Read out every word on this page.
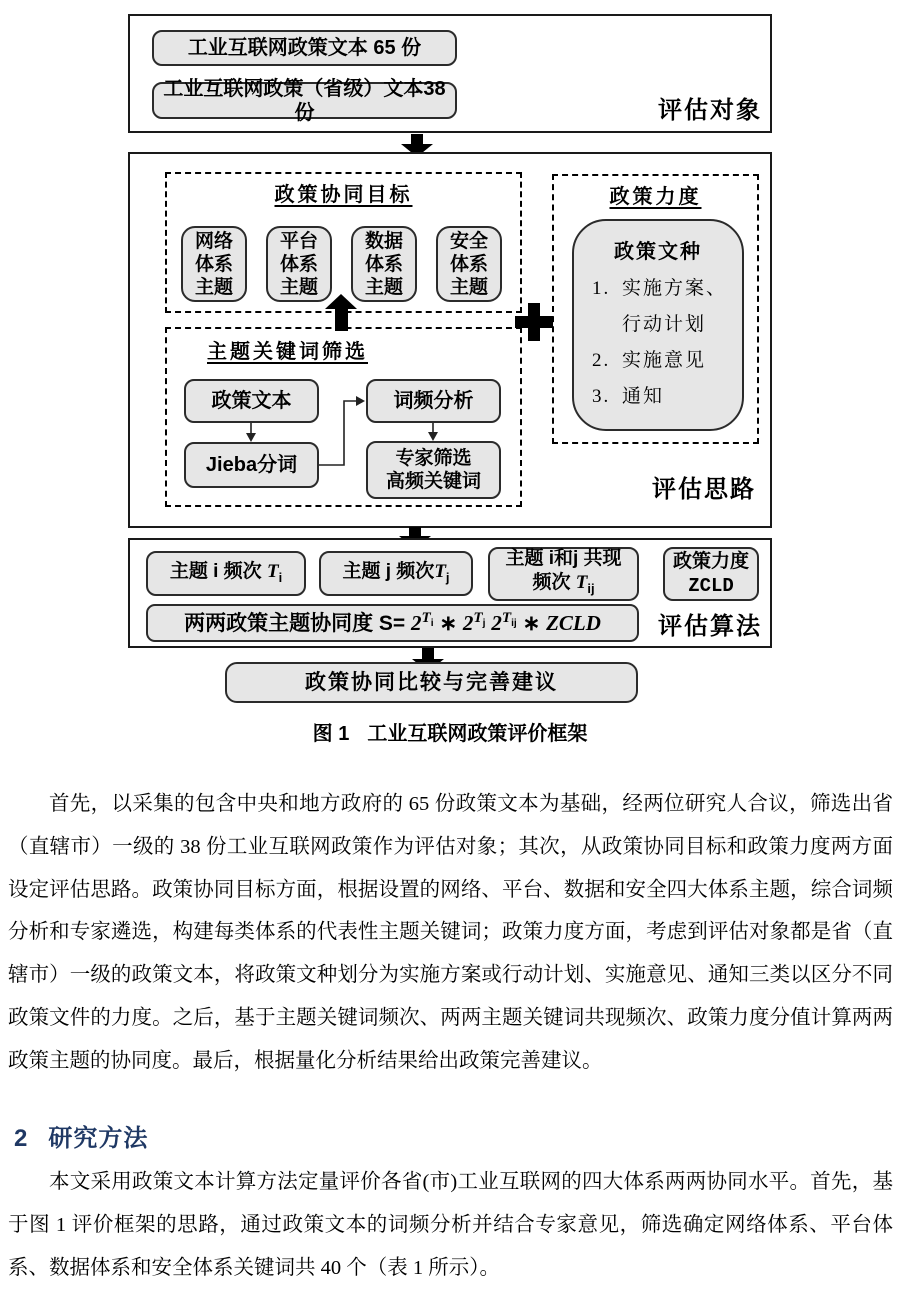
工业互联网政策文本 65 份
工业互联网政策（省级）文本38份	评估对象
政策协同目标
网络
体系
主题
平台
体系
主题
数据
体系
主题
安全
体系
主题
主题关键词筛选
政策文本
Jieba分词
词频分析
专家筛选
高频关键词
政策力度
政策文种
1. 实施方案、
行动计划
2. 实施意见
3. 通知
评估思路
主题 i 频次 $T_i$	主题 j 频次$T_j$
主题 i和j 共现
频次 $T_{ij}$
政策力度
ZCLD
两两政策主题协同度 $S= 2^{T_i}$ ∗ $2^{T_j}$ $2^{T_{ij}}$ ∗ ZCLD 评估算法
政策协同比较与完善建议
图 1 工业互联网政策评价框架

首先，以采集的包含中央和地方政府的 65 份政策文本为基础，经两位研究人合议，筛选出省（直辖市）一级的 38 份工业互联网政策作为评估对象；其次，从政策协同目标和政策力度两方面设定评估思路。政策协同目标方面，根据设置的网络、平台、数据和安全四大体系主题，综合词频分析和专家遴选，构建每类体系的代表性主题关键词；政策力度方面，考虑到评估对象都是省（直辖市）一级的政策文本，将政策文种划分为实施方案或行动计划、实施意见、通知三类以区分不同政策文件的力度。之后，基于主题关键词频次、两两主题关键词共现频次、政策力度分值计算两两政策主题的协同度。最后，根据量化分析结果给出政策完善建议。

2 研究方法

本文采用政策文本计算方法定量评价各省(市)工业互联网的四大体系两两协同水平。首先，基于图 1 评价框架的思路，通过政策文本的词频分析并结合专家意见，筛选确定网络体系、平台体系、数据体系和安全体系关键词共 40 个（表 1 所示）。
